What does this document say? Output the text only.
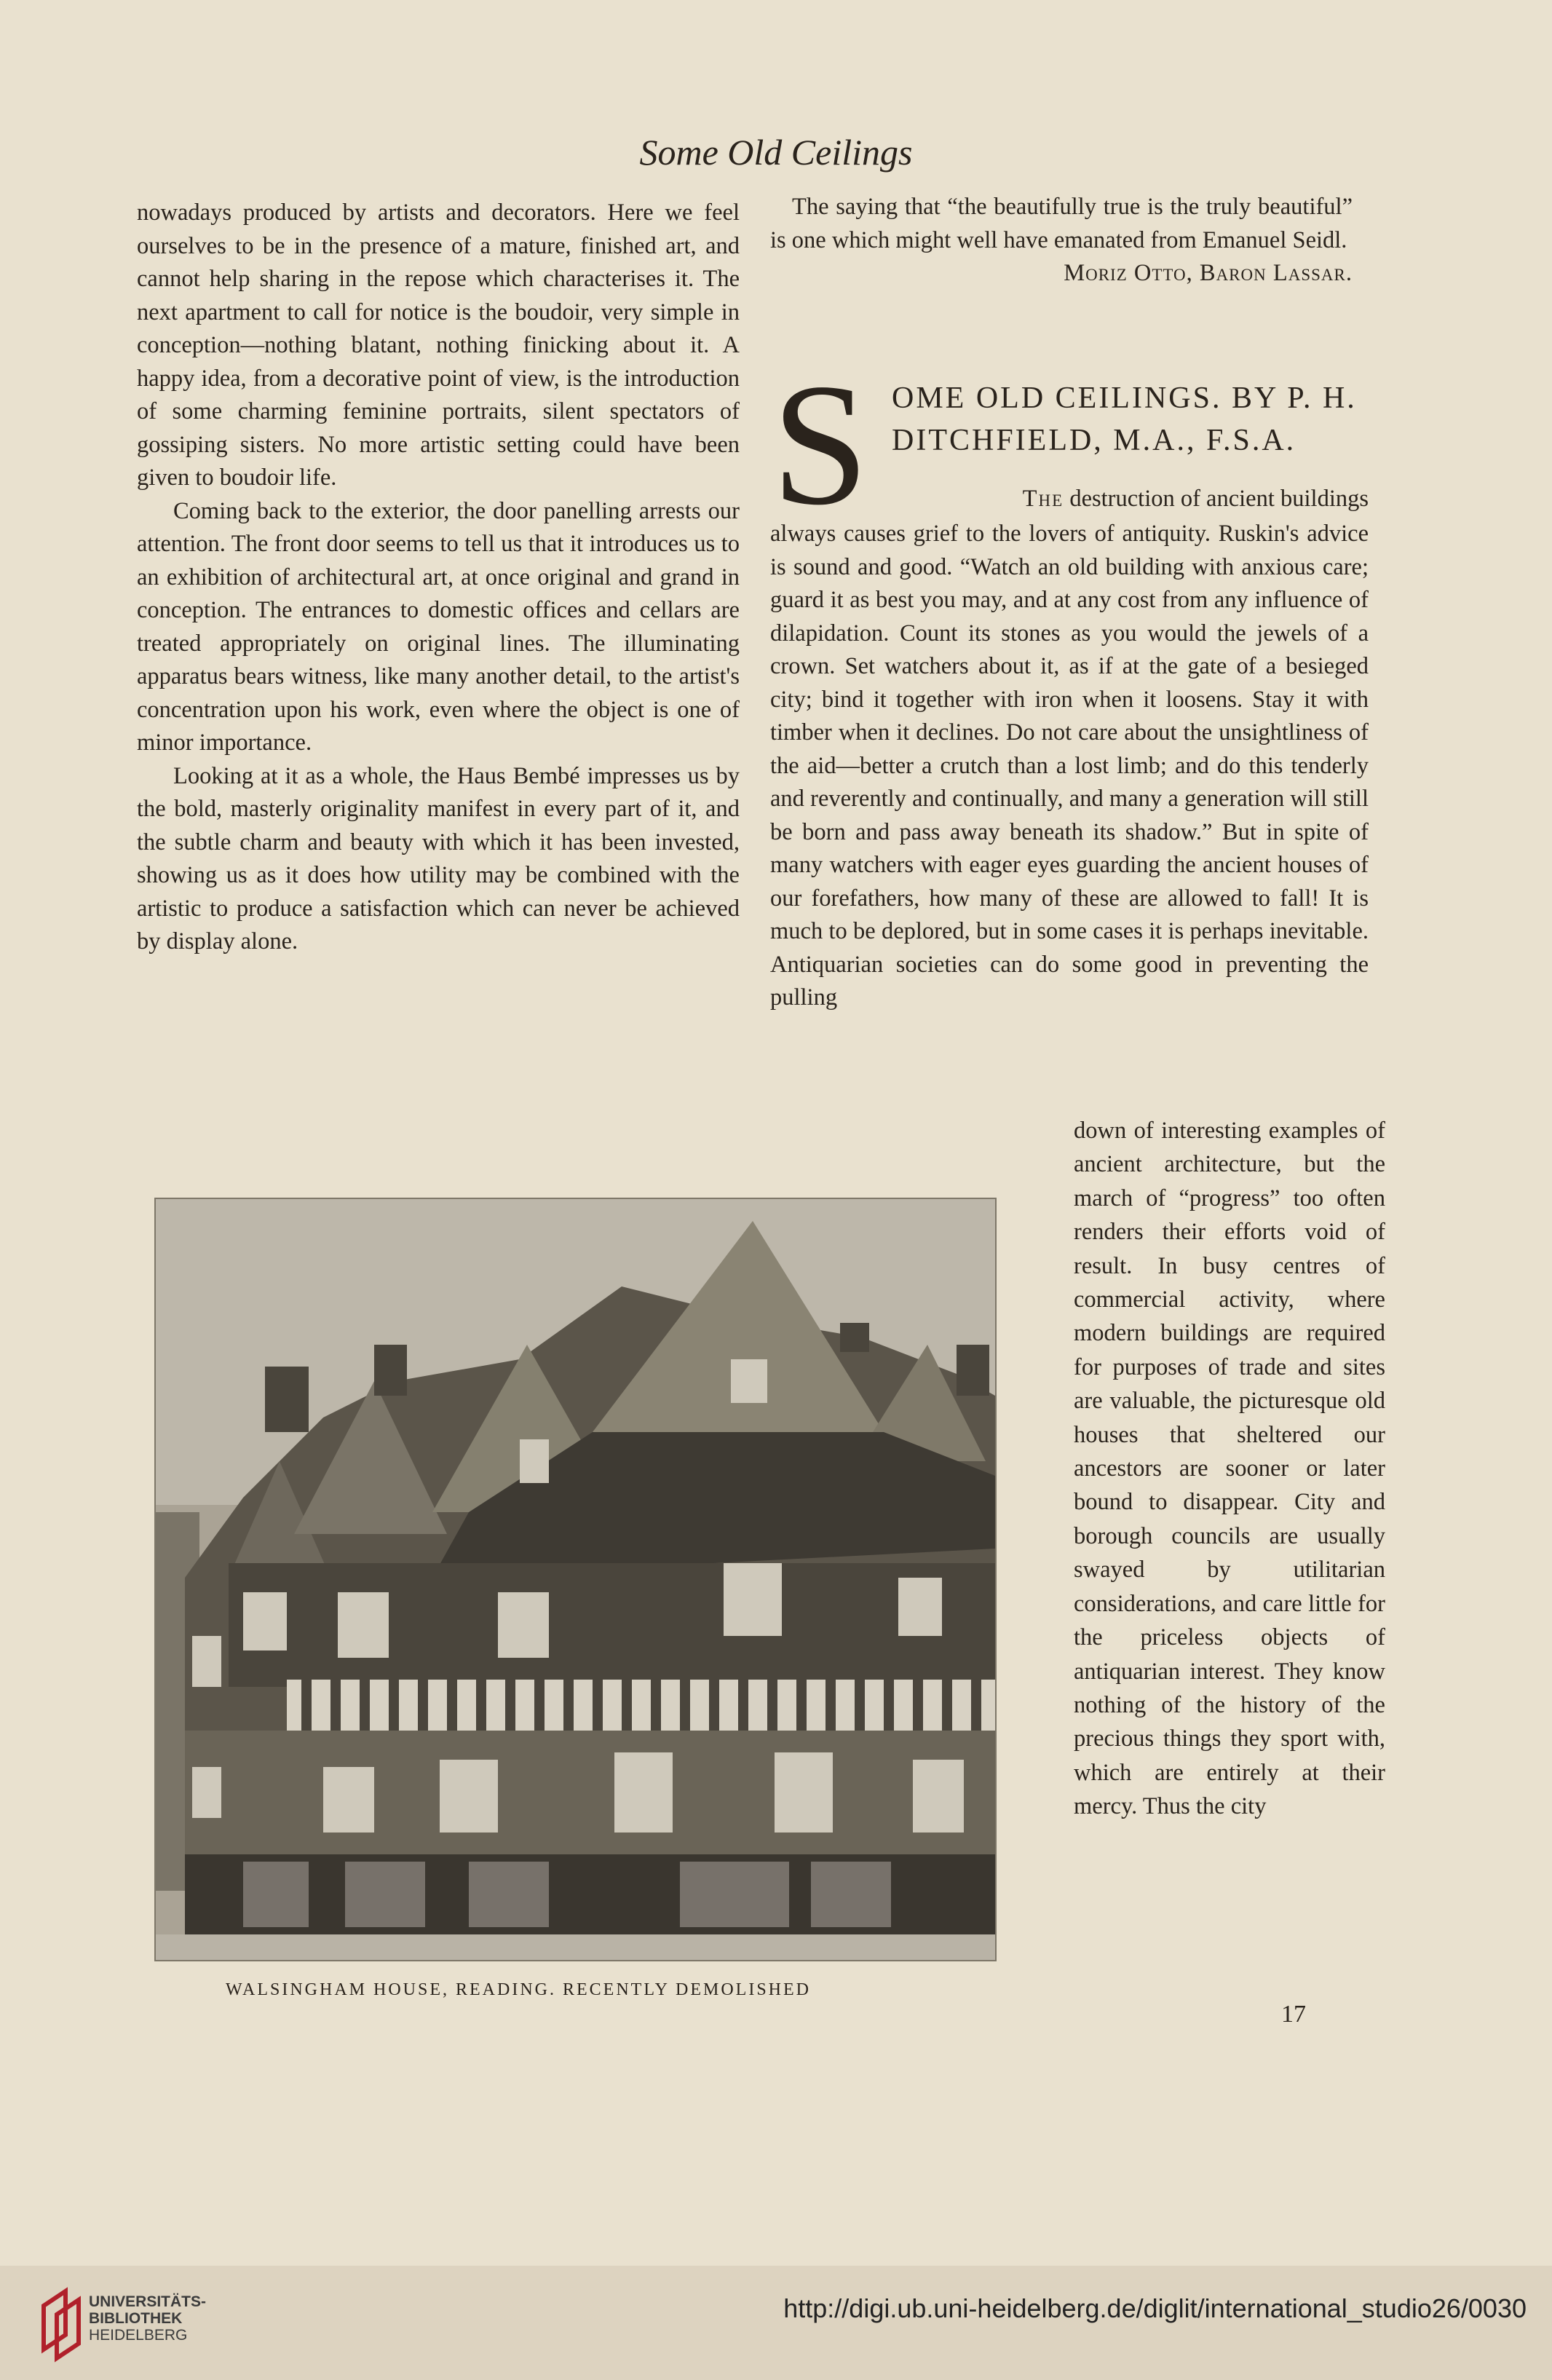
Some Old Ceilings

nowadays produced by artists and decorators. Here we feel ourselves to be in the presence of a mature, finished art, and cannot help sharing in the repose which characterises it. The next apartment to call for notice is the boudoir, very simple in conception—nothing blatant, nothing finicking about it. A happy idea, from a decorative point of view, is the introduction of some charming feminine portraits, silent spectators of gossiping sisters. No more artistic setting could have been given to boudoir life.

Coming back to the exterior, the door panelling arrests our attention. The front door seems to tell us that it introduces us to an exhibition of architectural art, at once original and grand in conception. The entrances to domestic offices and cellars are treated appropriately on original lines. The illuminating apparatus bears witness, like many another detail, to the artist's concentration upon his work, even where the object is one of minor importance.

Looking at it as a whole, the Haus Bembé impresses us by the bold, masterly originality manifest in every part of it, and the subtle charm and beauty with which it has been invested, showing us as it does how utility may be combined with the artistic to produce a satisfaction which can never be achieved by display alone.

The saying that “the beautifully true is the truly beautiful” is one which might well have emanated from Emanuel Seidl.

Moriz Otto, Baron Lassar.

S OME OLD CEILINGS. BY P. H. DITCHFIELD, M.A., F.S.A.
The destruction of ancient buildings

always causes grief to the lovers of antiquity. Ruskin's advice is sound and good. “Watch an old building with anxious care; guard it as best you may, and at any cost from any influence of dilapidation. Count its stones as you would the jewels of a crown. Set watchers about it, as if at the gate of a besieged city; bind it together with iron when it loosens. Stay it with timber when it declines. Do not care about the unsightliness of the aid—better a crutch than a lost limb; and do this tenderly and reverently and continually, and many a generation will still be born and pass away beneath its shadow.” But in spite of many watchers with eager eyes guarding the ancient houses of our forefathers, how many of these are allowed to fall! It is much to be deplored, but in some cases it is perhaps inevitable. Antiquarian societies can do some good in preventing the pulling

down of interesting examples of ancient architecture, but the march of “progress” too often renders their efforts void of result. In busy centres of commercial activity, where modern buildings are required for purposes of trade and sites are valuable, the picturesque old houses that sheltered our ancestors are sooner or later bound to disappear. City and borough councils are usually swayed by utilitarian considerations, and care little for the priceless objects of antiquarian interest. They know nothing of the history of the precious things they sport with, which are entirely at their mercy. Thus the city

WALSINGHAM HOUSE, READING. RECENTLY DEMOLISHED
17
UNIVERSITÄTS-
BIBLIOTHEK
HEIDELBERG
http://digi.ub.uni-heidelberg.de/diglit/international_studio26/0030
